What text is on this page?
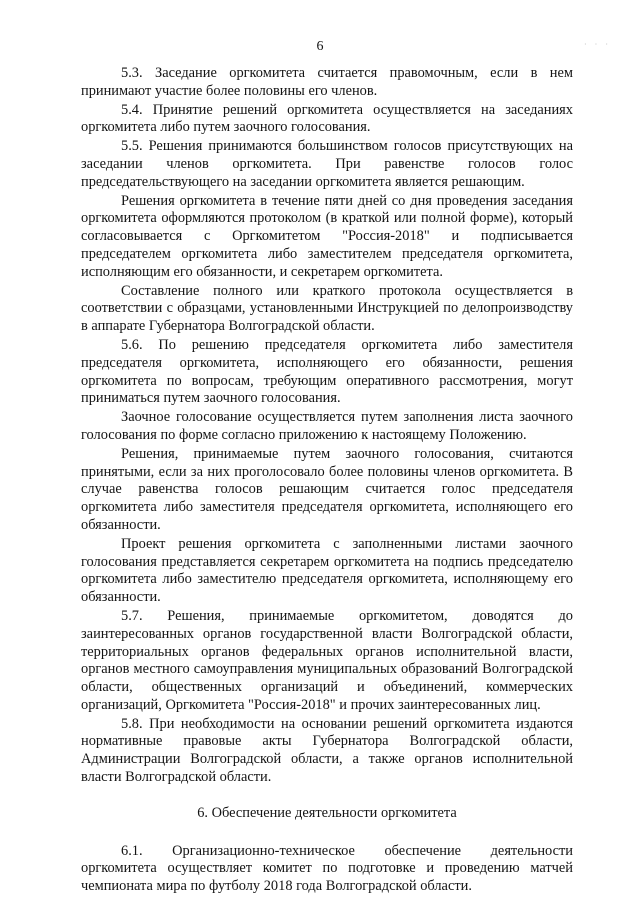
6	· · ·

5.3. Заседание оргкомитета считается правомочным, если в нем принимают участие более половины его членов.

5.4. Принятие решений оргкомитета осуществляется на заседаниях оргкомитета либо путем заочного голосования.

5.5. Решения принимаются большинством голосов присутствующих на заседании членов оргкомитета. При равенстве голосов голос председательствующего на заседании оргкомитета является решающим.

Решения оргкомитета в течение пяти дней со дня проведения заседания оргкомитета оформляются протоколом (в краткой или полной форме), который согласовывается с Оргкомитетом "Россия-2018" и подписывается председателем оргкомитета либо заместителем председателя оргкомитета, исполняющим его обязанности, и секретарем оргкомитета.

Составление полного или краткого протокола осуществляется в соответствии с образцами, установленными Инструкцией по делопроизводству в аппарате Губернатора Волгоградской области.

5.6. По решению председателя оргкомитета либо заместителя председателя оргкомитета, исполняющего его обязанности, решения оргкомитета по вопросам, требующим оперативного рассмотрения, могут приниматься путем заочного голосования.

Заочное голосование осуществляется путем заполнения листа заочного голосования по форме согласно приложению к настоящему Положению.

Решения, принимаемые путем заочного голосования, считаются принятыми, если за них проголосовало более половины членов оргкомитета. В случае равенства голосов решающим считается голос председателя оргкомитета либо заместителя председателя оргкомитета, исполняющего его обязанности.

Проект решения оргкомитета с заполненными листами заочного голосования представляется секретарем оргкомитета на подпись председателю оргкомитета либо заместителю председателя оргкомитета, исполняющему его обязанности.

5.7. Решения, принимаемые оргкомитетом, доводятся до заинтересованных органов государственной власти Волгоградской области, территориальных органов федеральных органов исполнительной власти, органов местного самоуправления муниципальных образований Волгоградской области, общественных организаций и объединений, коммерческих организаций, Оргкомитета "Россия-2018" и прочих заинтересованных лиц.

5.8. При необходимости на основании решений оргкомитета издаются нормативные правовые акты Губернатора Волгоградской области, Администрации Волгоградской области, а также органов исполнительной власти Волгоградской области.

6. Обеспечение деятельности оргкомитета

6.1. Организационно-техническое обеспечение деятельности оргкомитета осуществляет комитет по подготовке и проведению матчей чемпионата мира по футболу 2018 года Волгоградской области.
